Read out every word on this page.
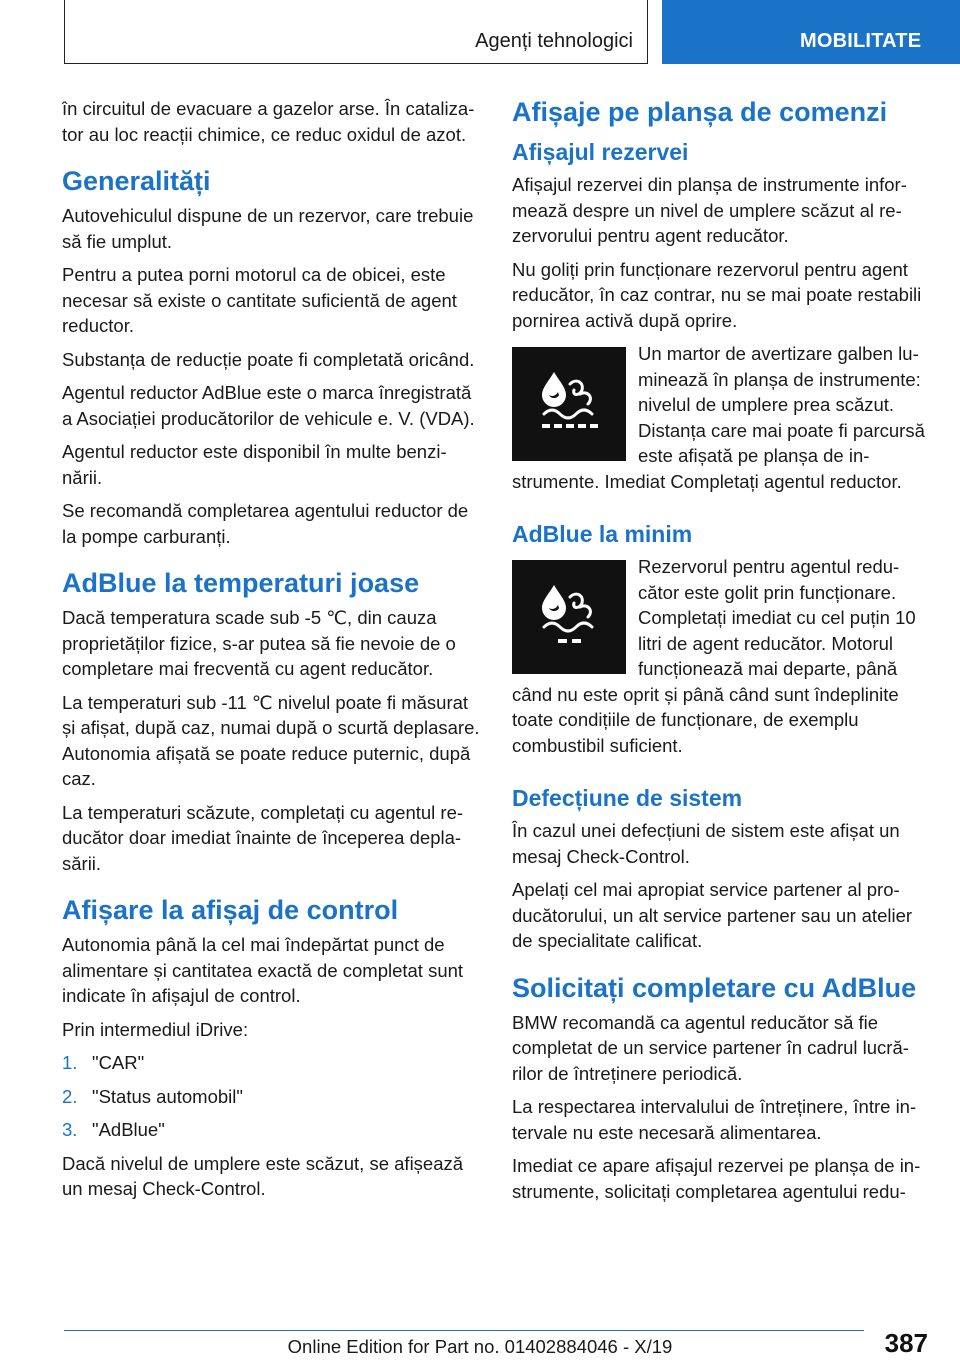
Agenți tehnologici	MOBILITATE

în circuitul de evacuare a gazelor arse. În catalizator au loc reacții chimice, ce reduc oxidul de azot.

Generalități

Autovehiculul dispune de un rezervor, care trebuie să fie umplut.

Pentru a putea porni motorul ca de obicei, este necesar să existe o cantitate suficientă de agent reductor.

Substanța de reducție poate fi completată oricând.

Agentul reductor AdBlue este o marca înregistrată a Asociației producătorilor de vehicule e. V. (VDA).

Agentul reductor este disponibil în multe benzinării.

Se recomandă completarea agentului reductor de la pompe carburanți.

AdBlue la temperaturi joase

Dacă temperatura scade sub -5 ℃, din cauza proprietăților fizice, s-ar putea să fie nevoie de o completare mai frecventă cu agent reducător.

La temperaturi sub -11 ℃ nivelul poate fi măsurat și afișat, după caz, numai după o scurtă deplasare. Autonomia afișată se poate reduce puternic, după caz.

La temperaturi scăzute, completați cu agentul reducător doar imediat înainte de începerea deplasării.

Afișare la afișaj de control

Autonomia până la cel mai îndepărtat punct de alimentare și cantitatea exactă de completat sunt indicate în afișajul de control.

Prin intermediul iDrive:

1. "CAR"
2. "Status automobil"
3. "AdBlue"

Dacă nivelul de umplere este scăzut, se afișează un mesaj Check-Control.

Afișaje pe planșa de comenzi
Afișajul rezervei

Afișajul rezervei din planșa de instrumente informează despre un nivel de umplere scăzut al rezervorului pentru agent reducător.

Nu goliți prin funcționare rezervorul pentru agent reducător, în caz contrar, nu se mai poate restabili pornirea activă după oprire.

Un martor de avertizare galben luminează în planșa de instrumente: nivelul de umplere prea scăzut. Distanța care mai poate fi parcursă este afișată pe planșa de instrumente. Imediat Completați agentul reductor.

AdBlue la minim

Rezervorul pentru agentul reducător este golit prin funcționare. Completați imediat cu cel puțin 10 litri de agent reducător. Motorul funcționează mai departe, până când nu este oprit și până când sunt îndeplinite toate condițiile de funcționare, de exemplu combustibil suficient.

Defecțiune de sistem

În cazul unei defecțiuni de sistem este afișat un mesaj Check-Control.

Apelați cel mai apropiat service partener al producătorului, un alt service partener sau un atelier de specialitate calificat.

Solicitați completare cu AdBlue

BMW recomandă ca agentul reducător să fie completat de un service partener în cadrul lucrărilor de întreținere periodică.

La respectarea intervalului de întreținere, între intervale nu este necesară alimentarea.

Imediat ce apare afișajul rezervei pe planșa de instrumente, solicitați completarea agentului redu-

387
Online Edition for Part no. 01402884046 - X/19
